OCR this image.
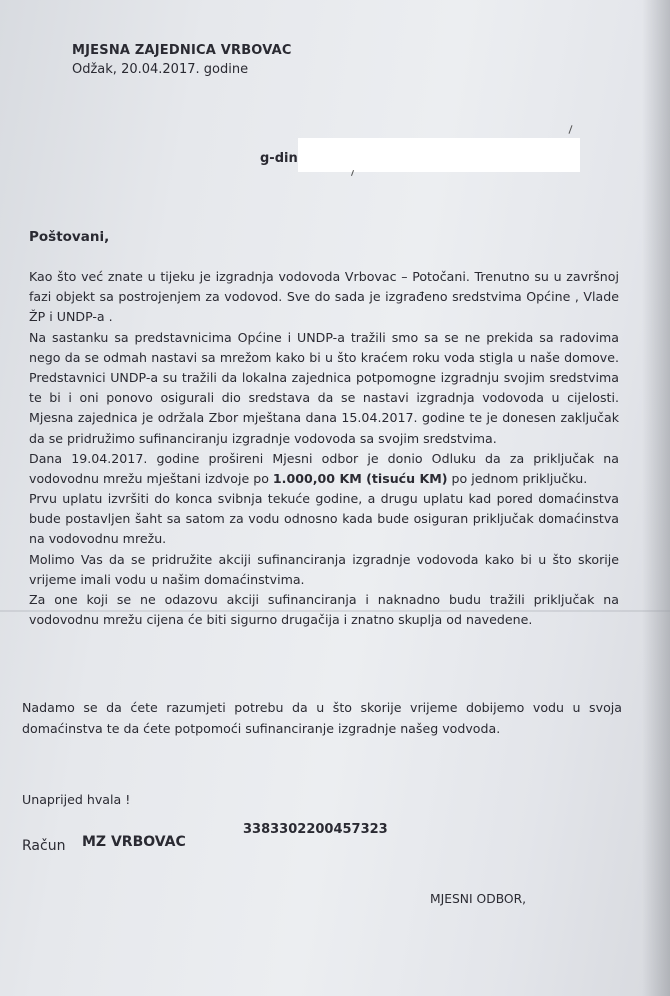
MJESNA ZAJEDNICA VRBOVAC
Odžak, 20.04.2017. godine
g-din
Poštovani,
Kao što već znate u tijeku je izgradnja vodovoda Vrbovac – Potočani. Trenutno su u završnoj
fazi objekt sa postrojenjem za vodovod. Sve do sada je izgrađeno sredstvima Općine , Vlade
ŽP i UNDP-a .
Na sastanku sa predstavnicima Općine i UNDP-a tražili smo sa se ne prekida sa radovima
nego da se odmah nastavi sa mrežom kako bi u što kraćem roku voda stigla u naše domove.
Predstavnici UNDP-a su tražili da lokalna zajednica potpomogne izgradnju svojim sredstvima
te bi i oni ponovo osigurali dio sredstava da se nastavi izgradnja vodovoda u cijelosti.
Mjesna zajednica je održala Zbor mještana dana 15.04.2017. godine te je donesen zaključak
da se pridružimo sufinanciranju izgradnje vodovoda sa svojim sredstvima.
Dana 19.04.2017. godine prošireni Mjesni odbor je donio Odluku da za priključak na
vodovodnu mrežu mještani izdvoje po 1.000,00 KM (tisuću KM) po jednom priključku.
Prvu uplatu izvršiti do konca svibnja tekuće godine, a drugu uplatu kad pored domaćinstva
bude postavljen šaht sa satom za vodu odnosno kada bude osiguran priključak domaćinstva
na vodovodnu mrežu.
Molimo Vas da se pridružite akciji sufinanciranja izgradnje vodovoda kako bi u što skorije
vrijeme imali vodu u našim domaćinstvima.
Za one koji se ne odazovu akciji sufinanciranja i naknadno budu tražili priključak na
vodovodnu mrežu cijena će biti sigurno drugačija i znatno skuplja od navedene.
Nadamo se da ćete razumjeti potrebu da u što skorije vrijeme dobijemo vodu u svoja
domaćinstva te da ćete potpomoći sufinanciranje izgradnje našeg vodvoda.
Unaprijed hvala !
Račun MZ VRBOVAC
3383302200457323
MJESNI ODBOR,
